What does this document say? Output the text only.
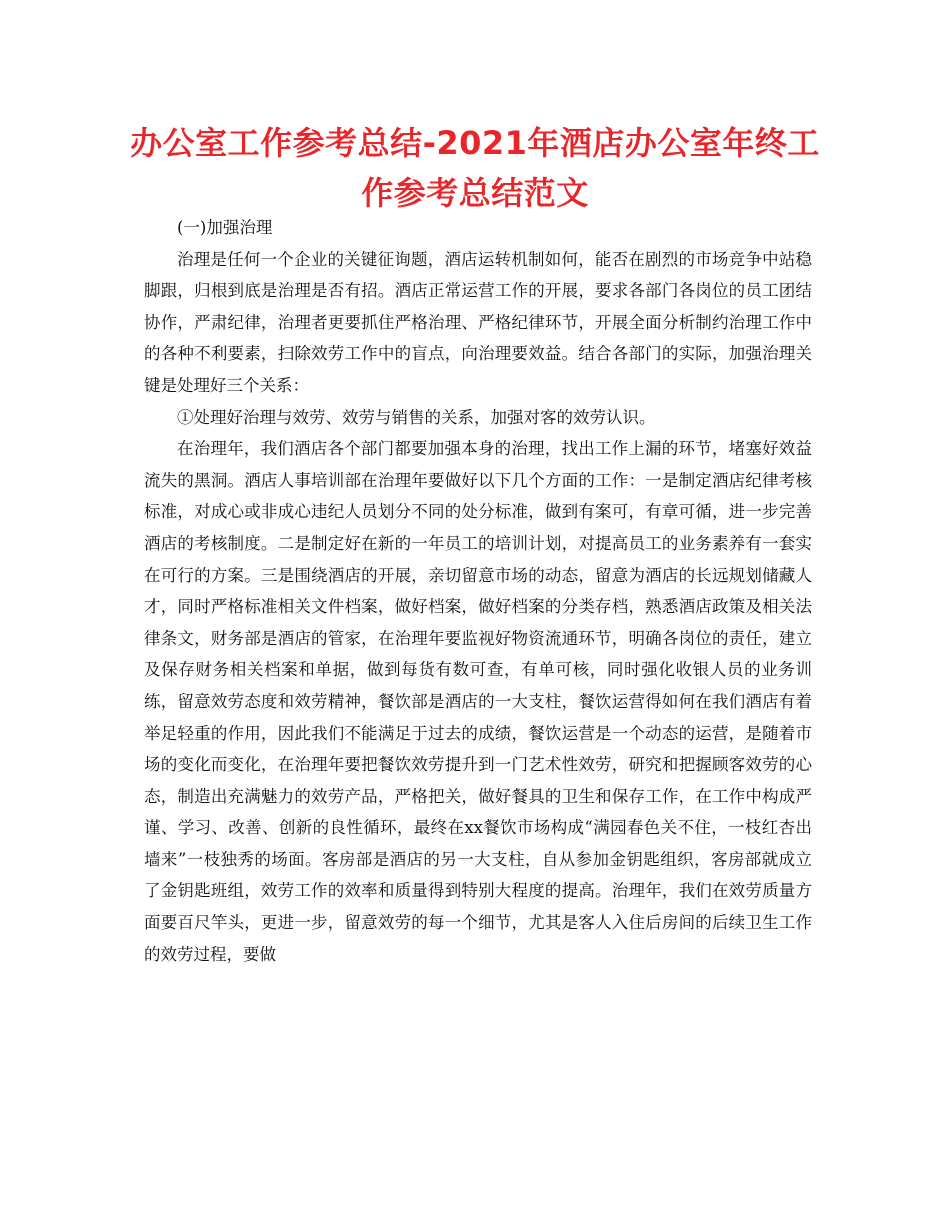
办公室工作参考总结-2021年酒店办公室年终工作参考总结范文

(一)加强治理

治理是任何一个企业的关键征询题，酒店运转机制如何，能否在剧烈的市场竞争中站稳脚跟，归根到底是治理是否有招。酒店正常运营工作的开展，要求各部门各岗位的员工团结协作，严肃纪律，治理者更要抓住严格治理、严格纪律环节，开展全面分析制约治理工作中的各种不利要素，扫除效劳工作中的盲点，向治理要效益。结合各部门的实际，加强治理关键是处理好三个关系：

①处理好治理与效劳、效劳与销售的关系，加强对客的效劳认识。

在治理年，我们酒店各个部门都要加强本身的治理，找出工作上漏的环节，堵塞好效益流失的黑洞。酒店人事培训部在治理年要做好以下几个方面的工作：一是制定酒店纪律考核标准，对成心或非成心违纪人员划分不同的处分标准，做到有案可，有章可循，进一步完善酒店的考核制度。二是制定好在新的一年员工的培训计划，对提高员工的业务素养有一套实在可行的方案。三是围绕酒店的开展，亲切留意市场的动态，留意为酒店的长远规划储藏人才，同时严格标准相关文件档案，做好档案，做好档案的分类存档，熟悉酒店政策及相关法律条文，财务部是酒店的管家，在治理年要监视好物资流通环节，明确各岗位的责任，建立及保存财务相关档案和单据，做到每货有数可查，有单可核，同时强化收银人员的业务训练，留意效劳态度和效劳精神，餐饮部是酒店的一大支柱，餐饮运营得如何在我们酒店有着举足轻重的作用，因此我们不能满足于过去的成绩，餐饮运营是一个动态的运营，是随着市场的变化而变化，在治理年要把餐饮效劳提升到一门艺术性效劳，研究和把握顾客效劳的心态，制造出充满魅力的效劳产品，严格把关，做好餐具的卫生和保存工作，在工作中构成严谨、学习、改善、创新的良性循环，最终在xx餐饮市场构成“满园春色关不住，一枝红杏出墙来”一枝独秀的场面。客房部是酒店的另一大支柱，自从参加金钥匙组织，客房部就成立了金钥匙班组，效劳工作的效率和质量得到特别大程度的提高。治理年，我们在效劳质量方面要百尺竿头，更进一步，留意效劳的每一个细节，尤其是客人入住后房间的后续卫生工作的效劳过程，要做
